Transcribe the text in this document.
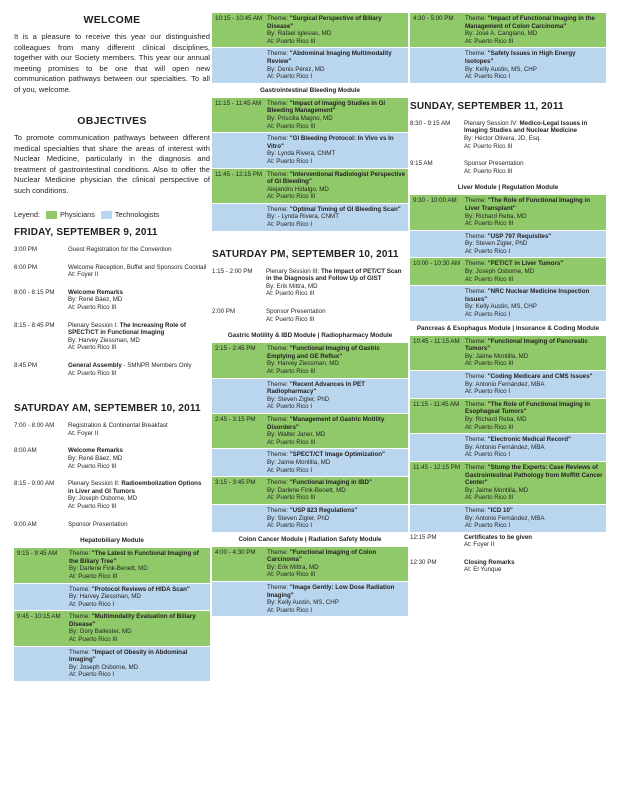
WELCOME

It is a pleasure to receive this year our distinguished colleagues from many different clinical disciplines, together with our Society members. This year our annual meeting promises to be one that will open new communication pathways between our specialties. To all of you, welcome.

OBJECTIVES

To promote communication pathways between different medical specialties that share the areas of interest with Nuclear Medicine, particularly in the diagnosis and treatment of gastrointestinal conditions. Also to offer the Nuclear Medicine physician the clinical perspective of such conditions.

Leyend:	Physicians	Technologists

FRIDAY, SEPTEMBER 9, 2011

3:00 PM	Guest Registration for the Convention
6:00 PM	Welcome Reception, Buffet and Sponsors Cocktail
At: Foyer II
8:00 - 8:15 PM	Welcome Remarks
By: René Báez, MD
At: Puerto Rico III
8:15 - 8:45 PM	Plenary Session I: The Increasing Role of SPECT/CT in Functional Imaging
By: Harvey Ziessman, MD
At: Puerto Rico III
8:45 PM	General Assembly - SMNPR Members Only
At: Puerto Rico III

SATURDAY AM, SEPTEMBER 10, 2011

7:00 - 8:00 AM	Registration & Continental Breakfast
At: Foyer II
8:00 AM	Welcome Remarks
By: René Báez, MD
At: Puerto Rico III
8:15 - 9:00 AM	Plenary Session II: Radioembolization Options in Liver and GI Tumors
By: Joseph Osborne, MD
At: Puerto Rico III
9:00 AM	Sponsor Presentation
Hepatobiliary Module
9:15 - 9:45 AM	Theme: "The Latest in Functional Imaging of the Biliary Tree"
By: Darlene Fink-Benett, MD
At: Puerto Rico III
Theme: "Protocol Reviews of HIDA Scan"
By: Harvey Ziessman, MD
At: Puerto Rico I
9:45 - 10:15 AM	Theme: "Multimodality Evaluation of Biliary Disease"
By: Gory Ballester, MD
At: Puerto Rico III
Theme: "Impact of Obesity in Abdominal Imaging"
By: Joseph Osborne, MD
At: Puerto Rico I
10:15 - 10:45 AM Theme: "Surgical Perspective of Biliary Disease"
By: Rafael Iglesias, MD
At: Puerto Rico III
Theme: "Abdominal Imaging Multimodality Review"
By: Denis Pérez, MD
At: Puerto Rico I
Gastrointestinal Bleeding Module
11:15 - 11:45 AM Theme: "Impact of Imaging Studies in GI Bleeding Management"
By: Priscilla Magno, MD
At: Puerto Rico III
Theme: "GI Bleeding Protocol: In Vivo vs In Vitro"
By: Lynda Rivera, CNMT
At: Puerto Rico I
11:45 - 12:15 PM Theme: "Interventional Radiologist Perspective of GI Bleeding"
Alejandro Hidalgo, MD
At: Puerto Rico III
Theme: "Optimal Timing of GI Bleeding Scan"
By: - Lynda Rivera, CNMT
At: Puerto Rico I

SATURDAY PM, SEPTEMBER 10, 2011

1:15 - 2:00 PM	Plenary Session III: The Impact of PET/CT Scan in the Diagnosis and Follow Up of GIST
By: Erik Mittra, MD
At: Puerto Rico III
2:00 PM	Sponsor Presentation
At: Puerto Rico III
Gastric Motility & IBD Module | Radiopharmacy Module
2:15 - 2:45 PM	Theme: "Functional Imaging of Gastric Emptying and GE Reflux"
By: Harvey Ziessman, MD
At: Puerto Rico III
Theme: "Recent Advances in PET Radiopharmacy"
By: Steven Zigler, PhD
At: Puerto Rico I
2:45 - 3:15 PM	Theme: "Management of Gastric Motility Disorders"
By: Walter Janer, MD
At: Puerto Rico III
Theme: "SPECT/CT Image Optimization"
By: Jaime Montilla, MD
At: Puerto Rico I
3:15 - 3:45 PM	Theme: "Functional Imaging in IBD"
By: Darlene Fink-Benett, MD
At: Puerto Rico III
Theme: "USP 823 Regulations"
By: Steven Zigler, PhD
At: Puerto Rico I
Colon Cancer Module | Radiation Safety Module
4:00 - 4:30 PM	Theme: "Functional Imaging of Colon Carcinoma"
By: Erik Mittra, MD
At: Puerto Rico III
Theme: "Image Gently: Low Dose Radiation Imaging"
By: Kelly Austin, MS, CHP
At: Puerto Rico I
4:30 - 5:00 PM	Theme: "Impact of Functional Imaging in the Management of Colon Carcinoma"
By: José A. Cangiano, MD
At: Puerto Rico III
Theme: "Safety Issues in High Energy Isotopes"
By: Kelly Austin, MS, CHP
At: Puerto Rico I

SUNDAY, SEPTEMBER 11, 2011

8:30 - 9:15 AM	Plenary Session IV: Medico-Legal Issues in Imaging Studies and Nuclear Medicine
By: Héctor Olivera, JD, Esq.
At: Puerto Rico III
9:15 AM	Sponsor Presentation
At: Puerto Rico III
Liver Module | Regulation Module
9:30 - 10:00 AM	Theme: "The Role of Functional Imaging in Liver Transplant"
By: Richard Reba, MD
At: Puerto Rico III
Theme: "USP 797 Requisites"
By: Steven Zigler, PhD
At: Puerto Rico I
10:00 - 10:30 AM Theme: "PET/CT in Liver Tumors"
By: Joseph Osborne, MD
At: Puerto Rico III
Theme: "NRC Nuclear Medicine Inspection Issues"
By: Kelly Austin, MS, CHP
At: Puerto Rico I
Pancreas & Esophagus Module | Insurance & Coding Module
10:45 - 11:15 AM Theme: "Functional Imaging of Pancreatic Tumors"
By: Jaime Montilla, MD
At: Puerto Rico III
Theme: "Coding Medicare and CMS Issues"
By: Antonio Fernández, MBA
At: Puerto Rico I
11:15 - 11:45 AM Theme: "The Role of Functional Imaging in Esophageal Tumors"
By: Richard Reba, MD
At: Puerto Rico III
Theme: "Electronic Medical Record"
By: Antonio Fernández, MBA
At: Puerto Rico I
11:45 - 12:15 PM Theme: "Stump the Experts: Case Reviews of Gastrointestinal Pathology from Moffitt Cancer Center"
By: Jaime Montilla, MD
At: Puerto Rico III
Theme: "ICD 10"
By: Antonio Fernández, MBA
At: Puerto Rico I
12:15 PM	Certificates to be given
At: Foyer II
12:30 PM	Closing Remarks
At: El Yunque
